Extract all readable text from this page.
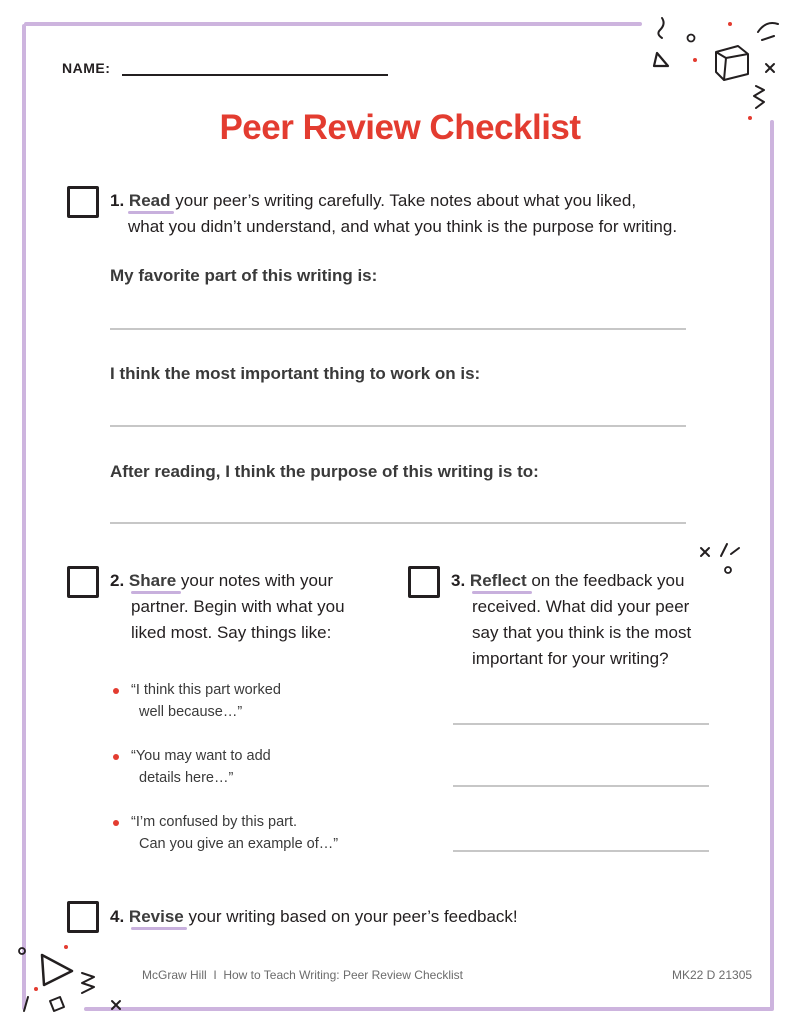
NAME:
Peer Review Checklist
1. Read your peer’s writing carefully. Take notes about what you liked,
what you didn’t understand, and what you think is the purpose for writing.
My favorite part of this writing is:
I think the most important thing to work on is:
After reading, I think the purpose of this writing is to:
2. Share your notes with your
partner. Begin with what you
liked most. Say things like:
“I think this part worked
well because…”
“You may want to add
details here…”
“I’m confused by this part.
Can you give an example of…”
3. Reflect on the feedback you
received. What did your peer
say that you think is the most
important for your writing?
4. Revise your writing based on your peer’s feedback!
McGraw Hill  I  How to Teach Writing: Peer Review Checklist	MK22 D 21305
